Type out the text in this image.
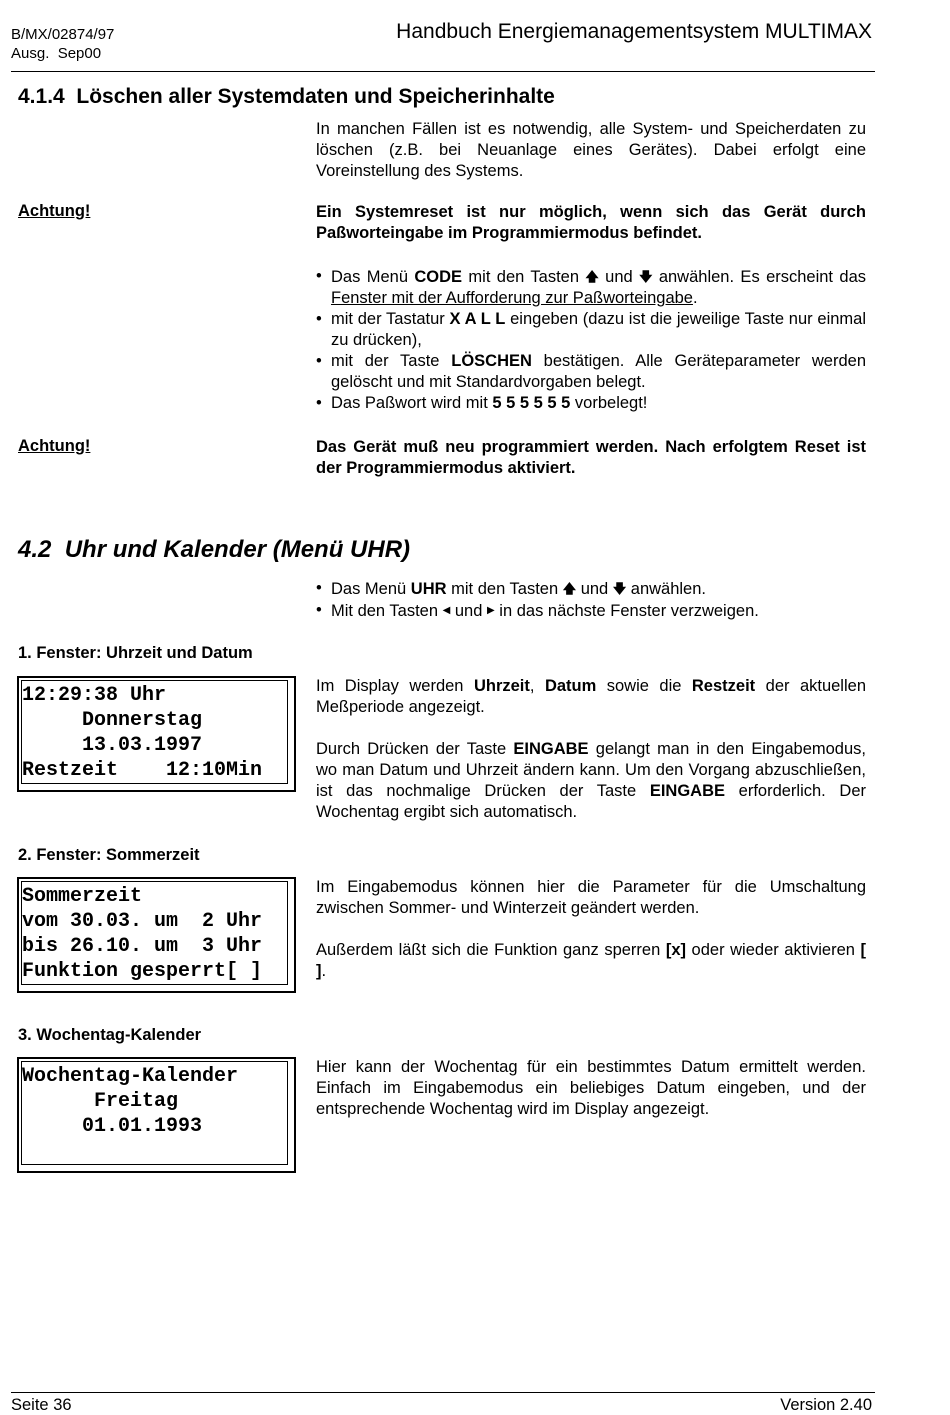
B/MX/02874/97
Ausg.  Sep00
Handbuch Energiemanagementsystem MULTIMAX
4.1.4  Löschen aller Systemdaten und Speicherinhalte
In manchen Fällen ist es notwendig, alle System- und Speicherdaten zu löschen (z.B. bei Neuanlage eines Gerätes). Dabei erfolgt eine Voreinstellung des Systems.
Achtung!	Ein Systemreset ist nur möglich, wenn sich das Gerät durch Paßworteingabe im Programmiermodus befindet.
• Das Menü CODE mit den Tasten 🡅 und 🡇 anwählen. Es erscheint das Fenster mit der Aufforderung zur Paßworteingabe.
• mit der Tastatur X A L L eingeben (dazu ist die jeweilige Taste nur einmal zu drücken),
• mit der Taste LÖSCHEN bestätigen. Alle Geräteparameter werden gelöscht und mit Standardvorgaben belegt.
• Das Paßwort wird mit 5 5 5 5 5 5 vorbelegt!
Achtung!	Das Gerät muß neu programmiert werden. Nach erfolgtem Reset ist der Programmiermodus aktiviert.
4.2  Uhr und Kalender (Menü UHR)
• Das Menü UHR mit den Tasten 🡅 und 🡇 anwählen.
• Mit den Tasten ◀ und ▶ in das nächste Fenster verzweigen.
1. Fenster: Uhrzeit und Datum
12:29:38 Uhr
Donnerstag
13.03.1997
Restzeit    12:10Min
Im Display werden Uhrzeit, Datum sowie die Restzeit der aktuellen Meßperiode angezeigt.
Durch Drücken der Taste EINGABE gelangt man in den Eingabemodus, wo man Datum und Uhrzeit ändern kann. Um den Vorgang abzuschließen, ist das nochmalige Drücken der Taste EINGABE erforderlich. Der Wochentag ergibt sich automatisch.
2. Fenster: Sommerzeit
Sommerzeit
vom 30.03. um  2 Uhr
bis 26.10. um  3 Uhr
Funktion gesperrt[ ]
Im Eingabemodus können hier die Parameter für die Umschaltung zwischen Sommer- und Winterzeit geändert werden.
Außerdem läßt sich die Funktion ganz sperren [x] oder wieder aktivieren [ ].
3. Wochentag-Kalender
Wochentag-Kalender
Freitag
01.01.1993
Hier kann der Wochentag für ein bestimmtes Datum ermittelt werden. Einfach im Eingabemodus ein beliebiges Datum eingeben, und der entsprechende Wochentag wird im Display angezeigt.
Seite 36	Version 2.40
